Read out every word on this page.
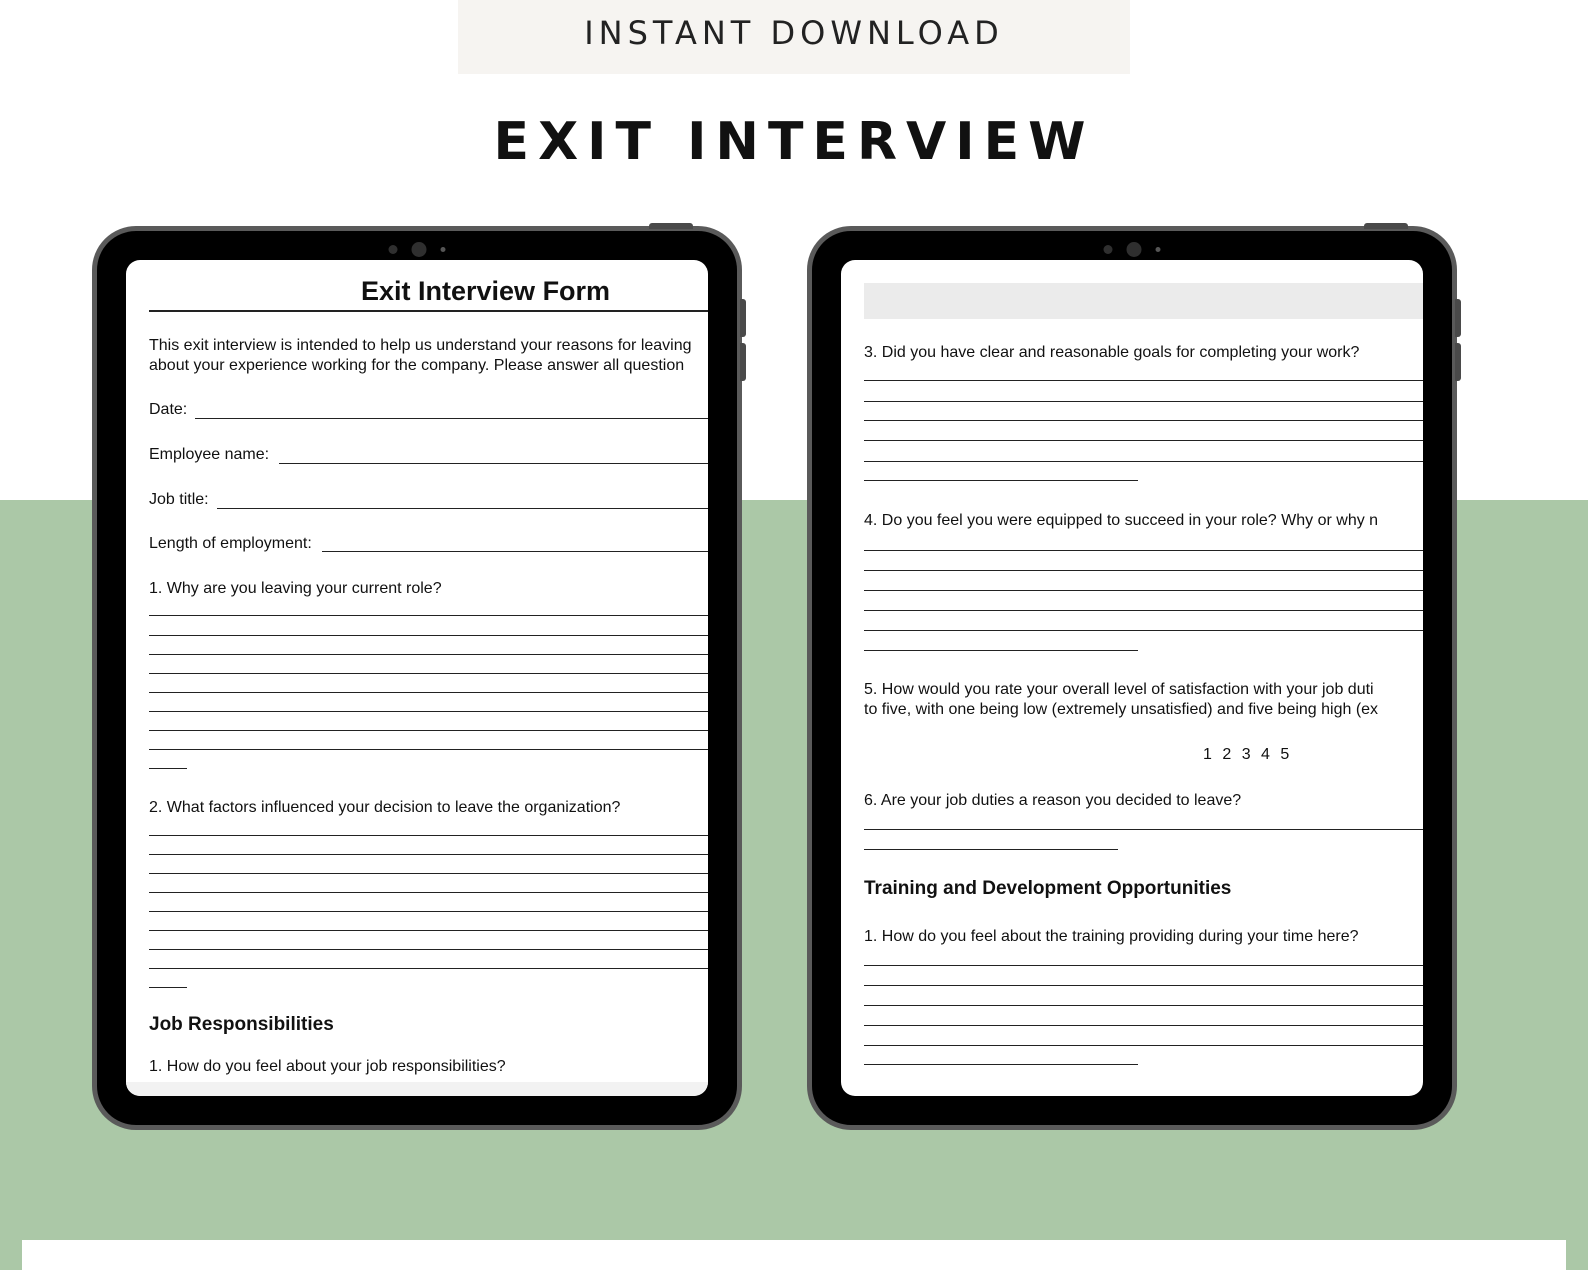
INSTANT DOWNLOAD
EXIT INTERVIEW
Exit Interview Form
This exit interview is intended to help us understand your reasons for leaving
about your experience working for the company. Please answer all question
Date:
Employee name:
Job title:
Length of employment:
1. Why are you leaving your current role?
2. What factors influenced your decision to leave the organization?
Job Responsibilities
1. How do you feel about your job responsibilities?
3. Did you have clear and reasonable goals for completing your work?
4. Do you feel you were equipped to succeed in your role? Why or why n
5. How would you rate your overall level of satisfaction with your job duti
to five, with one being low (extremely unsatisfied) and five being high (ex
1 2 3 4 5
6. Are your job duties a reason you decided to leave?
Training and Development Opportunities
1. How do you feel about the training providing during your time here?
